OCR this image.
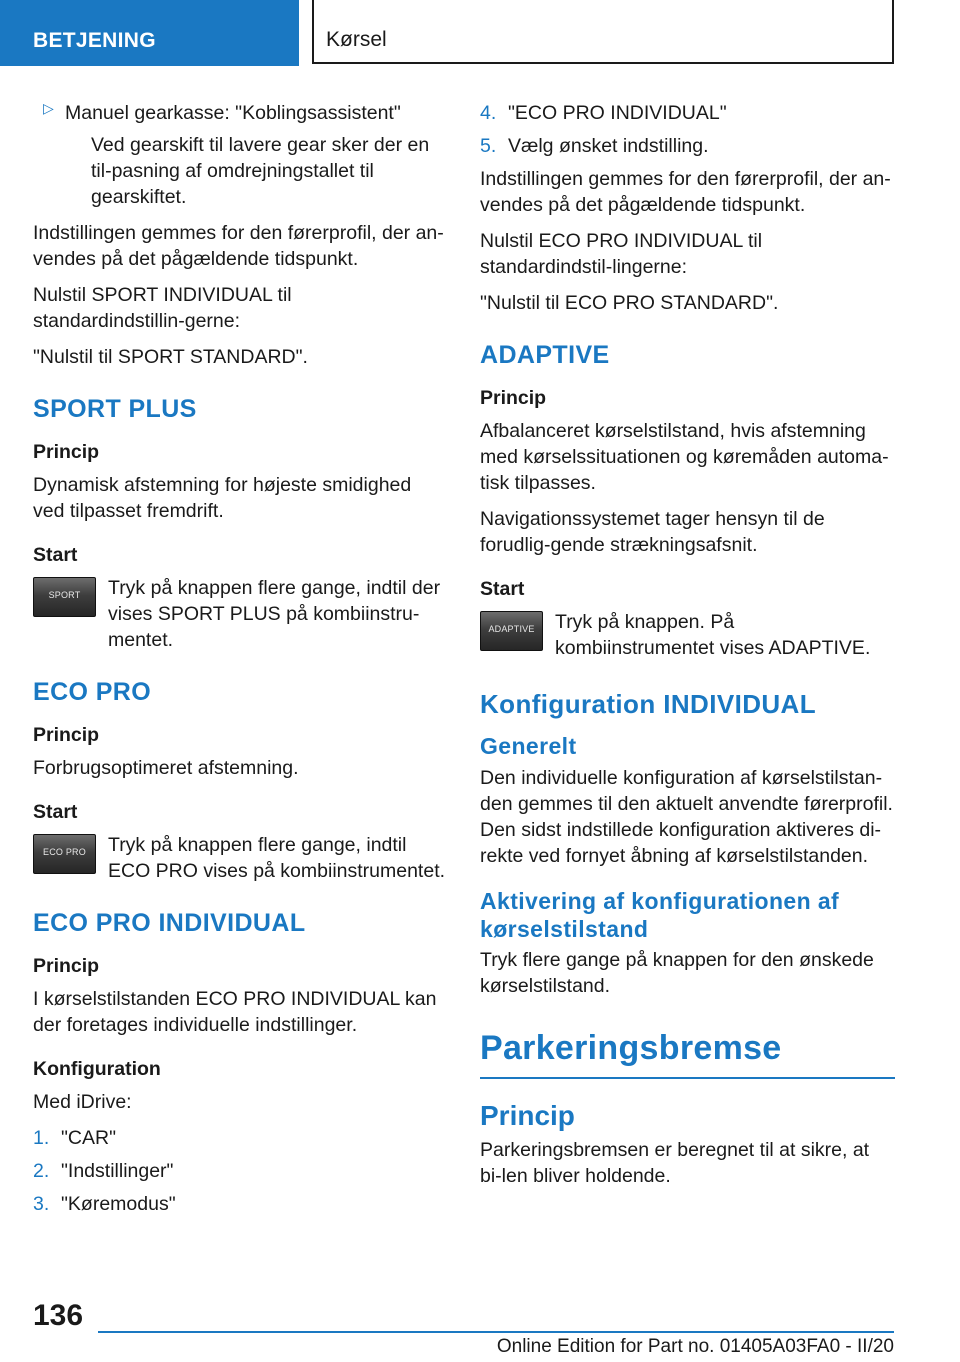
BETJENING	Kørsel
▷ Manuel gearkasse: "Koblingsassistent"

Ved gearskift til lavere gear sker der en til-pasning af omdrejningstallet til gearskiftet.

Indstillingen gemmes for den førerprofil, der an-vendes på det pågældende tidspunkt.

Nulstil SPORT INDIVIDUAL til standardindstillin-gerne:

"Nulstil til SPORT STANDARD".

SPORT PLUS
Princip

Dynamisk afstemning for højeste smidighed ved tilpasset fremdrift.

Start
SPORT	Tryk på knappen flere gange, indtil der vises SPORT PLUS på kombiinstru-mentet.

ECO PRO
Princip

Forbrugsoptimeret afstemning.

Start
ECO PRO	Tryk på knappen flere gange, indtil ECO PRO vises på kombiinstrumentet.

ECO PRO INDIVIDUAL
Princip

I kørselstilstanden ECO PRO INDIVIDUAL kan der foretages individuelle indstillinger.

Konfiguration

Med iDrive:

1. "CAR"
2. "Indstillinger"
3. "Køremodus"
4. "ECO PRO INDIVIDUAL"
5. Vælg ønsket indstilling.

Indstillingen gemmes for den førerprofil, der an-vendes på det pågældende tidspunkt.

Nulstil ECO PRO INDIVIDUAL til standardindstil-lingerne:

"Nulstil til ECO PRO STANDARD".

ADAPTIVE
Princip

Afbalanceret kørselstilstand, hvis afstemning med kørselssituationen og køremåden automa-tisk tilpasses.

Navigationssystemet tager hensyn til de forudlig-gende strækningsafsnit.

Start
ADAPTIVE	Tryk på knappen. På kombiinstrumentet vises ADAPTIVE.

Konfiguration INDIVIDUAL
Generelt

Den individuelle konfiguration af kørselstilstan-den gemmes til den aktuelt anvendte førerprofil. Den sidst indstillede konfiguration aktiveres di-rekte ved fornyet åbning af kørselstilstanden.

Aktivering af konfigurationen af kørselstilstand

Tryk flere gange på knappen for den ønskede kørselstilstand.

Parkeringsbremse
Princip

Parkeringsbremsen er beregnet til at sikre, at bi-len bliver holdende.

136
Online Edition for Part no. 01405A03FA0 - II/20
